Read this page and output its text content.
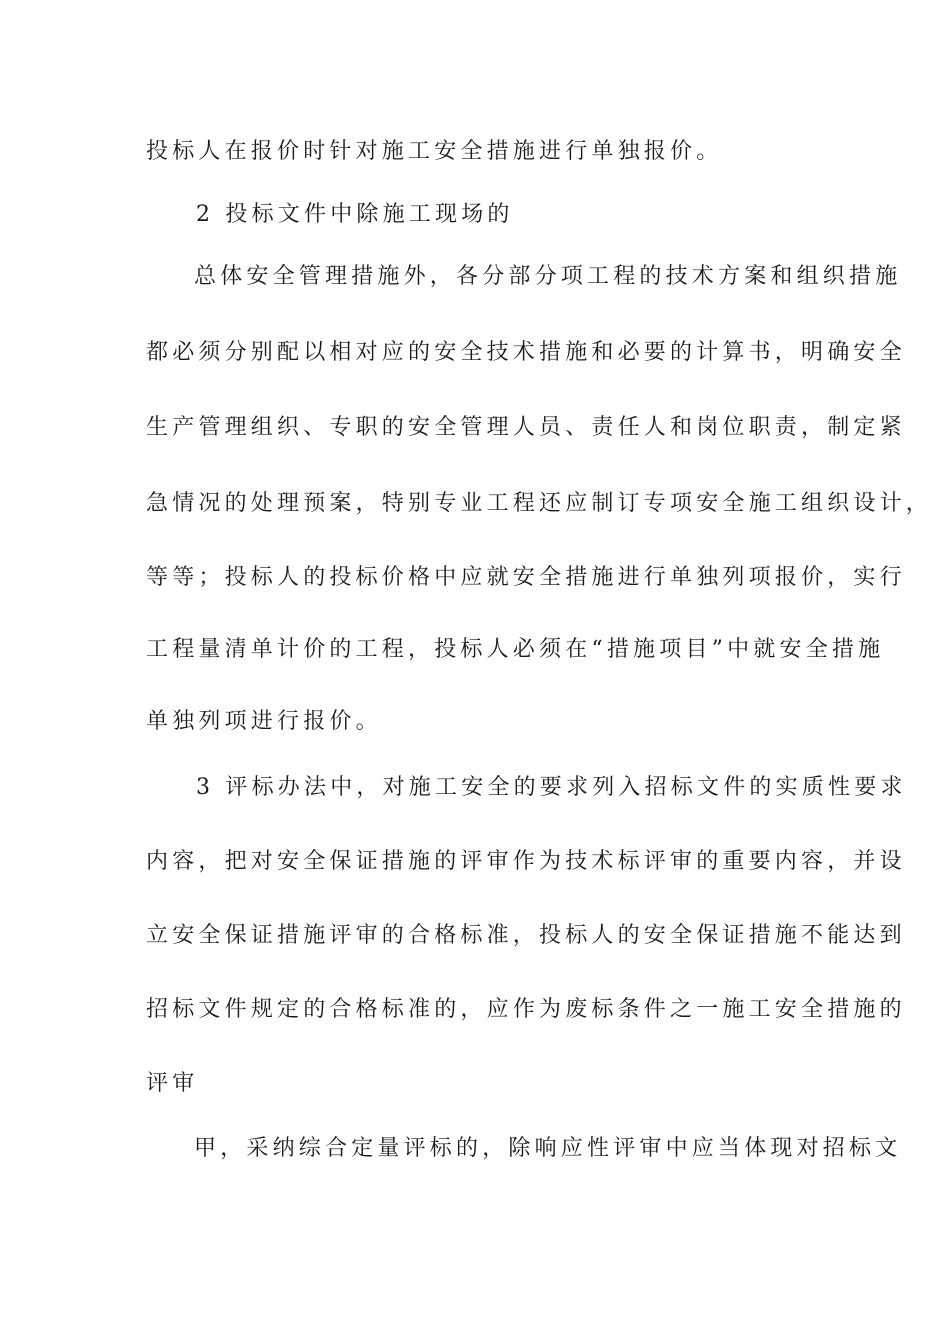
投标人在报价时针对施工安全措施进行单独报价。
2 投标文件中除施工现场的
总体安全管理措施外，各分部分项工程的技术方案和组织措施
都必须分别配以相对应的安全技术措施和必要的计算书，明确安全
生产管理组织、专职的安全管理人员、责任人和岗位职责，制定紧
急情况的处理预案，特别专业工程还应制订专项安全施工组织设计，
等等；投标人的投标价格中应就安全措施进行单独列项报价，实行
工程量清单计价的工程，投标人必须在“措施项目”中就安全措施
单独列项进行报价。
3 评标办法中，对施工安全的要求列入招标文件的实质性要求
内容，把对安全保证措施的评审作为技术标评审的重要内容，并设
立安全保证措施评审的合格标准，投标人的安全保证措施不能达到
招标文件规定的合格标准的，应作为废标条件之一施工安全措施的
评审
甲，采纳综合定量评标的，除响应性评审中应当体现对招标文
